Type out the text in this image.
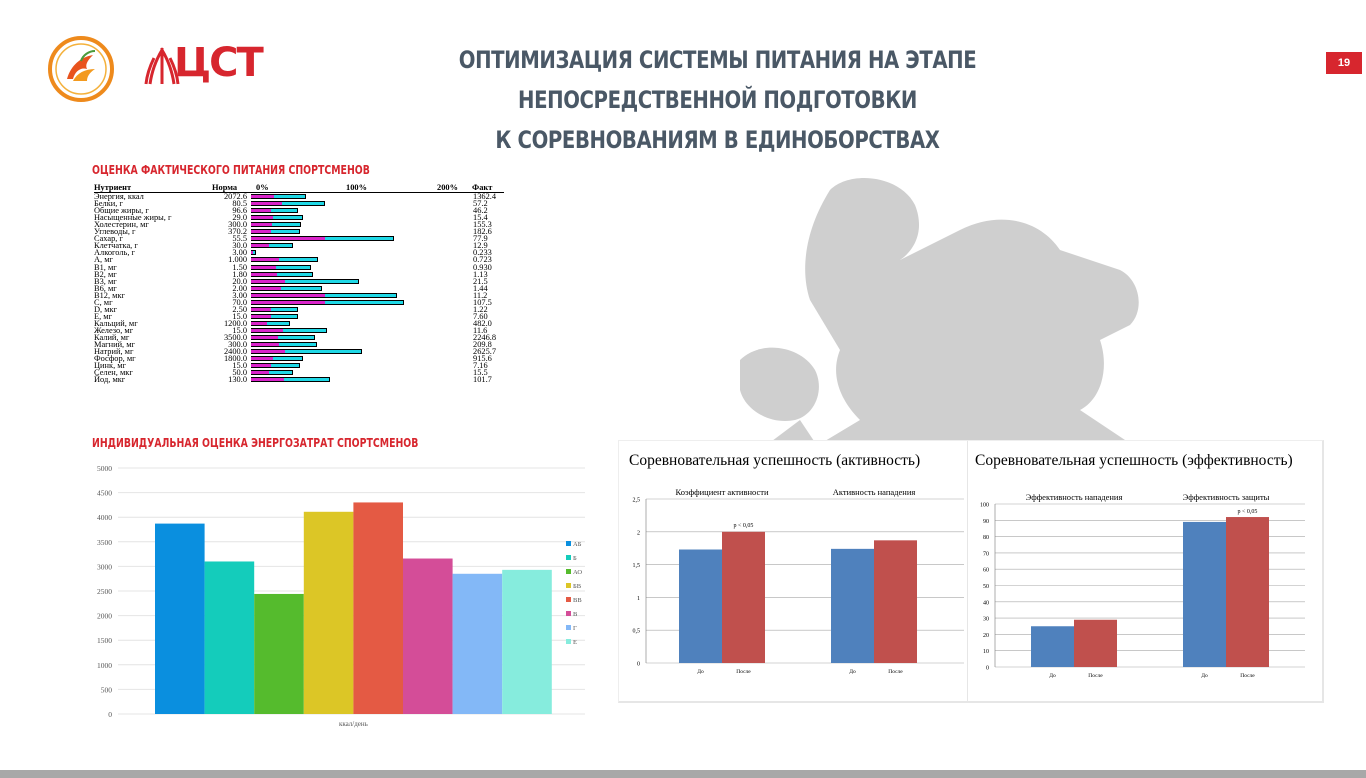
ЦСТ	ОПТИМИЗАЦИЯ СИСТЕМЫ ПИТАНИЯ НА ЭТАПЕ НЕПОСРЕДСТВЕННОЙ ПОДГОТОВКИ
К СОРЕВНОВАНИЯМ В ЕДИНОБОРСТВАХ
19
ОЦЕНКА ФАКТИЧЕСКОГО ПИТАНИЯ СПОРТСМЕНОВ
ИНДИВИДУАЛЬНАЯ ОЦЕНКА ЭНЕРГОЗАТРАТ СПОРТСМЕНОВ
Нутриент	Норма 0%	100%	200% Факт
Энергия, ккал	2072.6	1362.4
Белки, г	80.5	57.2
Общие жиры, г	96.6	46.2
Насыщенные жиры, г	29.0	15.4
Холестерин, мг	300.0	155.3
Углеводы, г	370.2	182.6
Сахар, г	55.5	77.9
Клетчатка, г	30.0	12.9
Алкоголь, г	3.00	0.233
A, мг	1.000	0.723
B1, мг	1.50	0.930
B2, мг	1.80	1.13
B3, мг	20.0	21.5
B6, мг	2.00	1.44
B12, мкг	3.00	11.2
C, мг	70.0	107.5
D, мкг	2.50	1.22
E, мг	15.0	7.60
Кальций, мг	1200.0	482.0
Железо, мг	15.0	11.6
Калий, мг	3500.0	2246.8
Магний, мг	300.0	209.8
Натрий, мг	2400.0	2625.7
Фосфор, мг	1800.0	915.6
Цинк, мг	15.0	7.16
Селен, мкг	50.0	15.5
Йод, мкг	130.0	101.7
0
500
1000
1500
2000
2500
3000
3500
4000
4500
5000
ккал/день
АБ
Б
АО
БВ
ВВ
В
Г
Е
Соревновательная успешность (активность)
0
0,5
1
1,5
2
2,5
Коэффициент активности
До	После
Активность нападения
До	После
p < 0,05
Соревновательная успешность (эффективность)
0
10
20
30
40
50
60
70
80
90
100
Эффективность нападения
До	После
Эффективность защиты
До	После
p < 0,05
